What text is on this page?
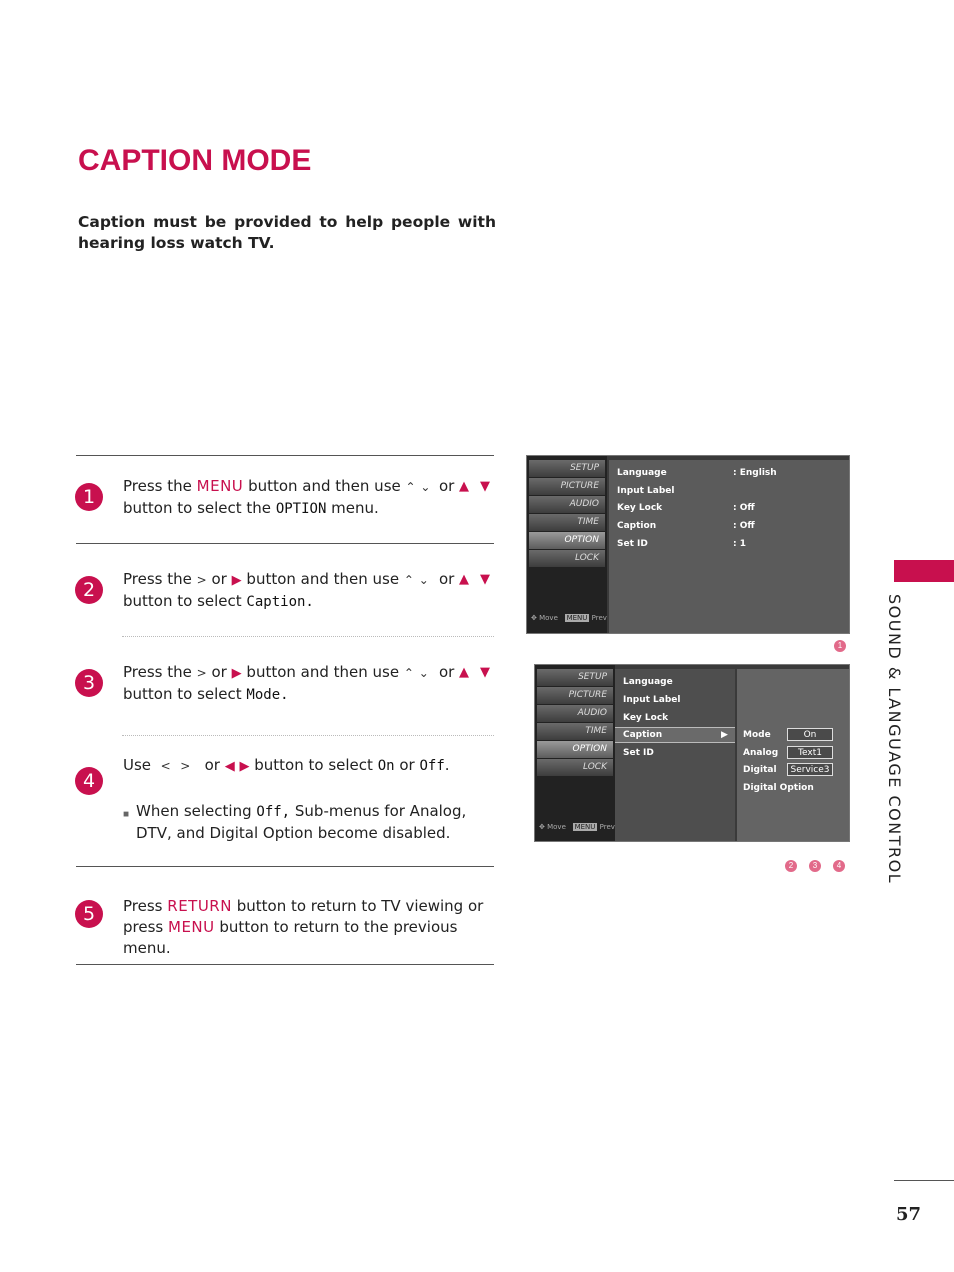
CAPTION MODE
Caption must be provided to help people with hearing loss watch TV.
1	Press the MENU button and then use ⌃ ⌄ or ▲ ▼
button to select the OPTION menu.
2	Press the > or ▶ button and then use ⌃ ⌄ or ▲ ▼
button to select Caption.
3	Press the > or ▶ button and then use ⌃ ⌄ or ▲ ▼
button to select Mode.
4
Use < > or ◀ ▶ button to select On or Off.
■ When selecting Off, Sub-menus for Analog, DTV, and Digital Option become disabled.
5	Press RETURN button to return to TV viewing or press MENU button to return to the previous menu.
SETUP
PICTURE
AUDIO
TIME
OPTION
LOCK
✥ Move MENU Prev
Language	: English
Input Label
Key Lock	: Off
Caption	: Off
Set ID	: 1
1
SETUP
PICTURE
AUDIO
TIME
OPTION
LOCK
✥ Move MENU Prev
Language
Input Label
Key Lock
Caption	▶
Set ID
Mode	On
Analog	Text1
Digital	Service3
Digital Option
2	3	4	SOUND & LANGUAGE CONTROL
57
